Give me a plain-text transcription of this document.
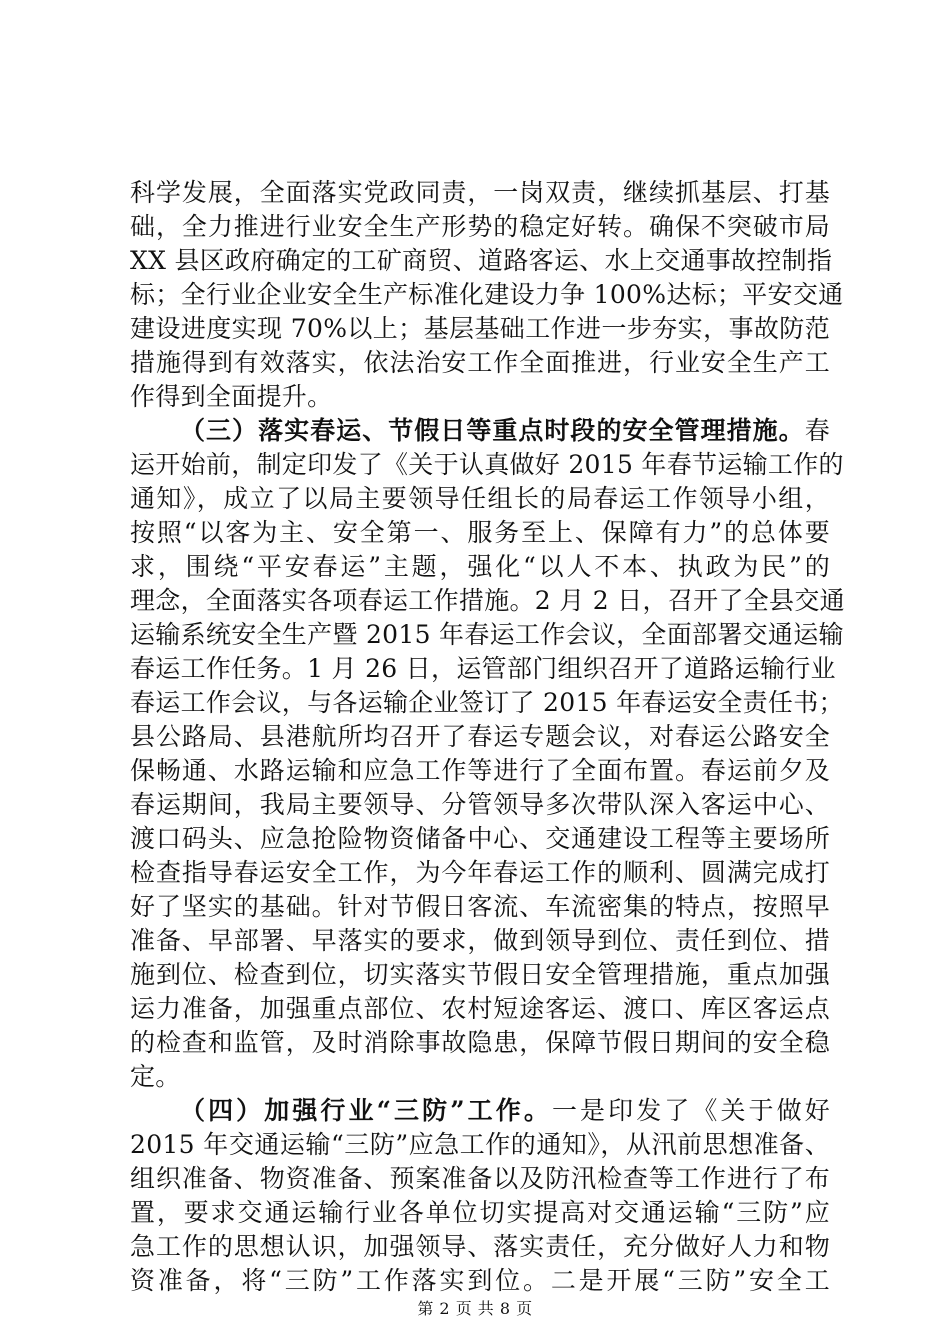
科学发展，全面落实党政同责，一岗双责，继续抓基层、打基
础，全力推进行业安全生产形势的稳定好转。确保不突破市局
XX 县区政府确定的工矿商贸、道路客运、水上交通事故控制指
标；全行业企业安全生产标准化建设力争 100%达标；平安交通
建设进度实现 70%以上；基层基础工作进一步夯实，事故防范
措施得到有效落实，依法治安工作全面推进，行业安全生产工
作得到全面提升。
（三）落实春运、节假日等重点时段的安全管理措施。春
运开始前，制定印发了《关于认真做好 2015 年春节运输工作的
通知》，成立了以局主要领导任组长的局春运工作领导小组，
按照“以客为主、安全第一、服务至上、保障有力”的总体要
求，围绕“平安春运”主题，强化“以人不本、执政为民”的
理念，全面落实各项春运工作措施。2 月 2 日，召开了全县交通
运输系统安全生产暨 2015 年春运工作会议，全面部署交通运输
春运工作任务。1 月 26 日，运管部门组织召开了道路运输行业
春运工作会议，与各运输企业签订了 2015 年春运安全责任书；
县公路局、县港航所均召开了春运专题会议，对春运公路安全
保畅通、水路运输和应急工作等进行了全面布置。春运前夕及
春运期间，我局主要领导、分管领导多次带队深入客运中心、
渡口码头、应急抢险物资储备中心、交通建设工程等主要场所
检查指导春运安全工作，为今年春运工作的顺利、圆满完成打
好了坚实的基础。针对节假日客流、车流密集的特点，按照早
准备、早部署、早落实的要求，做到领导到位、责任到位、措
施到位、检查到位，切实落实节假日安全管理措施，重点加强
运力准备，加强重点部位、农村短途客运、渡口、库区客运点
的检查和监管，及时消除事故隐患，保障节假日期间的安全稳
定。
（四）加强行业“三防”工作。一是印发了《关于做好
2015 年交通运输“三防”应急工作的通知》，从汛前思想准备、
组织准备、物资准备、预案准备以及防汛检查等工作进行了布
置，要求交通运输行业各单位切实提高对交通运输“三防”应
急工作的思想认识，加强领导、落实责任，充分做好人力和物
资准备，将“三防”工作落实到位。二是开展“三防”安全工
第 2 页 共 8 页
